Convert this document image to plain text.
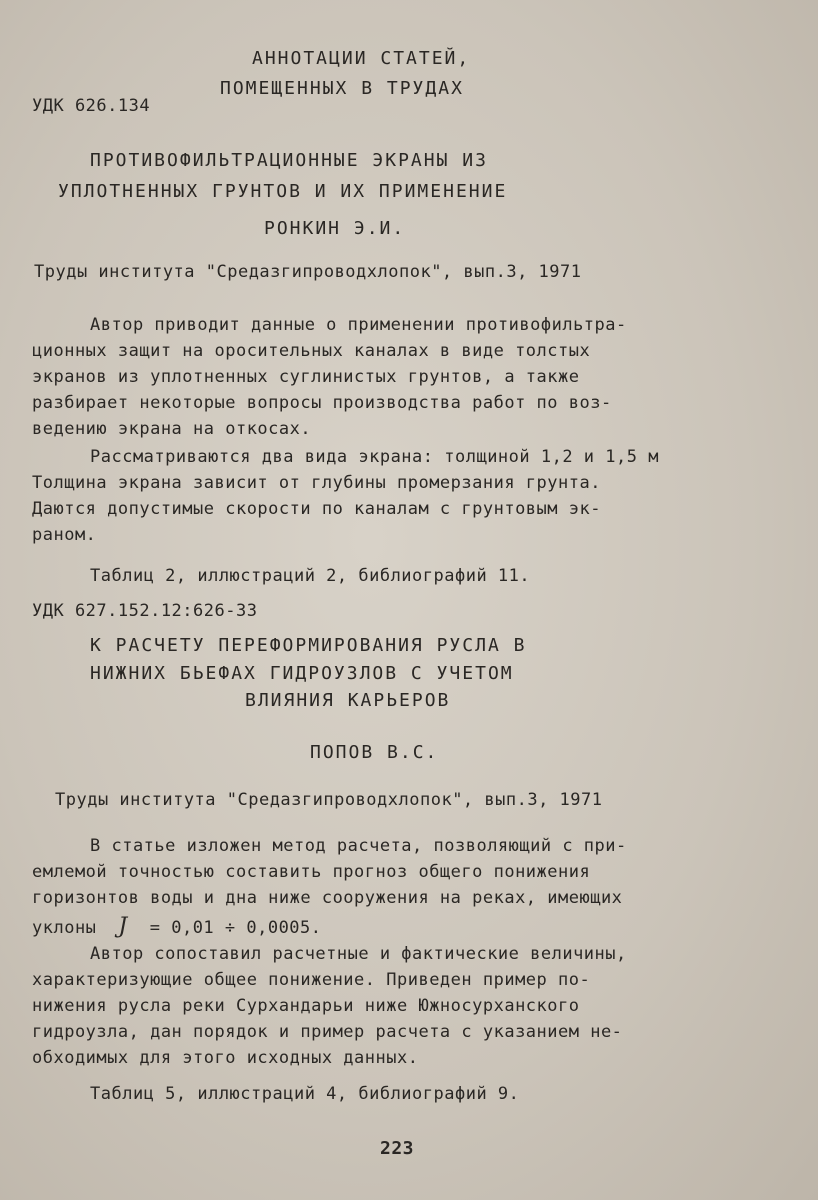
АННОТАЦИИ СТАТЕЙ,
ПОМЕЩЕННЫХ В ТРУДАХ
УДК 626.134
ПРОТИВОФИЛЬТРАЦИОННЫЕ ЭКРАНЫ ИЗ
УПЛОТНЕННЫХ ГРУНТОВ И ИХ ПРИМЕНЕНИЕ
РОНКИН Э.И.
Труды института "Средазгипроводхлопок", вып.3, 1971
Автор приводит данные о применении противофильтра-
ционных защит на оросительных каналах в виде толстых
экранов из уплотненных суглинистых грунтов, а также
разбирает некоторые вопросы производства работ по воз-
ведению экрана на откосах.
Рассматриваются два вида экрана: толщиной 1,2 и 1,5 м
Толщина экрана зависит от глубины промерзания грунта.
Даются допустимые скорости по каналам с грунтовым эк-
раном.
Таблиц 2, иллюстраций 2, библиографий 11.
УДК 627.152.12:626-33
К РАСЧЕТУ ПЕРЕФОРМИРОВАНИЯ РУСЛА В
НИЖНИХ БЬЕФАХ ГИДРОУЗЛОВ С УЧЕТОМ
ВЛИЯНИЯ КАРЬЕРОВ
ПОПОВ В.С.
Труды института "Средазгипроводхлопок", вып.3, 1971
В статье изложен метод расчета, позволяющий с при-
емлемой точностью составить прогноз общего понижения
горизонтов воды и дна ниже сооружения на реках, имеющих
уклоны J = 0,01 ÷ 0,0005.
Автор сопоставил расчетные и фактические величины,
характеризующие общее понижение. Приведен пример по-
нижения русла реки Сурхандарьи ниже Южносурханского
гидроузла, дан порядок и пример расчета с указанием не-
обходимых для этого исходных данных.
Таблиц 5, иллюстраций 4, библиографий 9.
223
